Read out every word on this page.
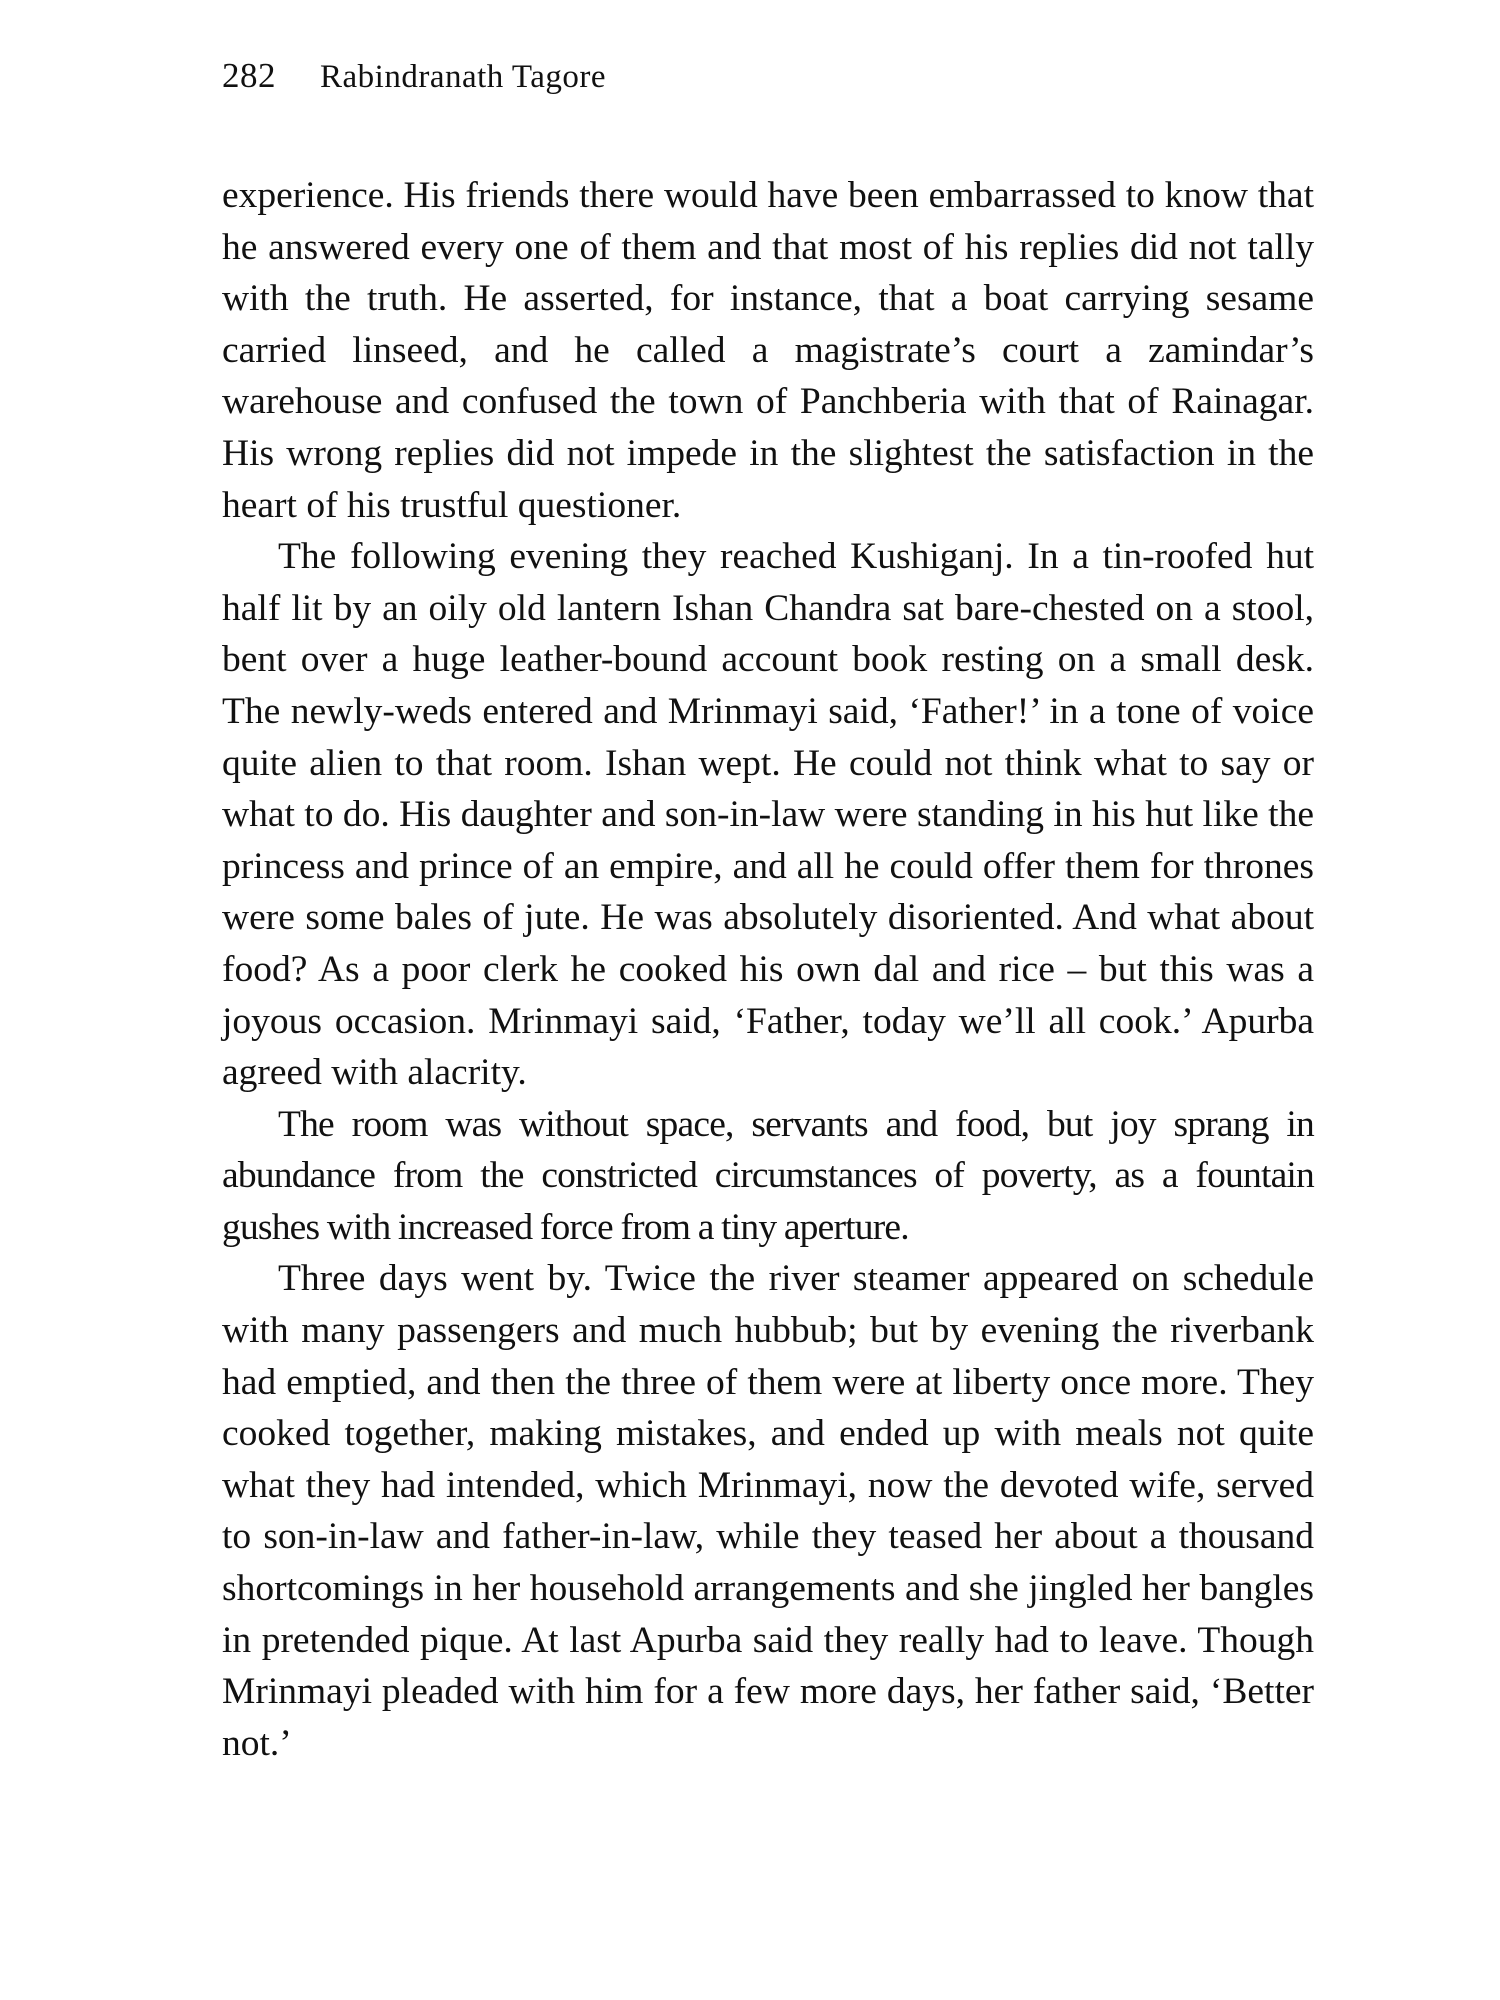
282 Rabindranath Tagore

experience. His friends there would have been embarrassed to know that he answered every one of them and that most of his replies did not tally with the truth. He asserted, for instance, that a boat carrying sesame carried linseed, and he called a magistrate’s court a zamindar’s warehouse and confused the town of Panchberia with that of Rainagar. His wrong replies did not impede in the slightest the satisfaction in the heart of his trustful questioner.

The following evening they reached Kushiganj. In a tin-roofed hut half lit by an oily old lantern Ishan Chandra sat bare-chested on a stool, bent over a huge leather-bound account book resting on a small desk. The newly-weds entered and Mrinmayi said, ‘Father!’ in a tone of voice quite alien to that room. Ishan wept. He could not think what to say or what to do. His daughter and son-in-law were standing in his hut like the princess and prince of an empire, and all he could offer them for thrones were some bales of jute. He was absolutely disoriented. And what about food? As a poor clerk he cooked his own dal and rice – but this was a joyous occasion. Mrinmayi said, ‘Father, today we’ll all cook.’ Apurba agreed with alacrity.

The room was without space, servants and food, but joy sprang in abundance from the constricted circumstances of poverty, as a fountain gushes with increased force from a tiny aperture.

Three days went by. Twice the river steamer appeared on schedule with many passengers and much hubbub; but by evening the riverbank had emptied, and then the three of them were at liberty once more. They cooked together, making mistakes, and ended up with meals not quite what they had intended, which Mrinmayi, now the devoted wife, served to son-in-law and father-in-law, while they teased her about a thousand shortcomings in her household arrangements and she jingled her bangles in pretended pique. At last Apurba said they really had to leave. Though Mrinmayi pleaded with him for a few more days, her father said, ‘Better not.’
